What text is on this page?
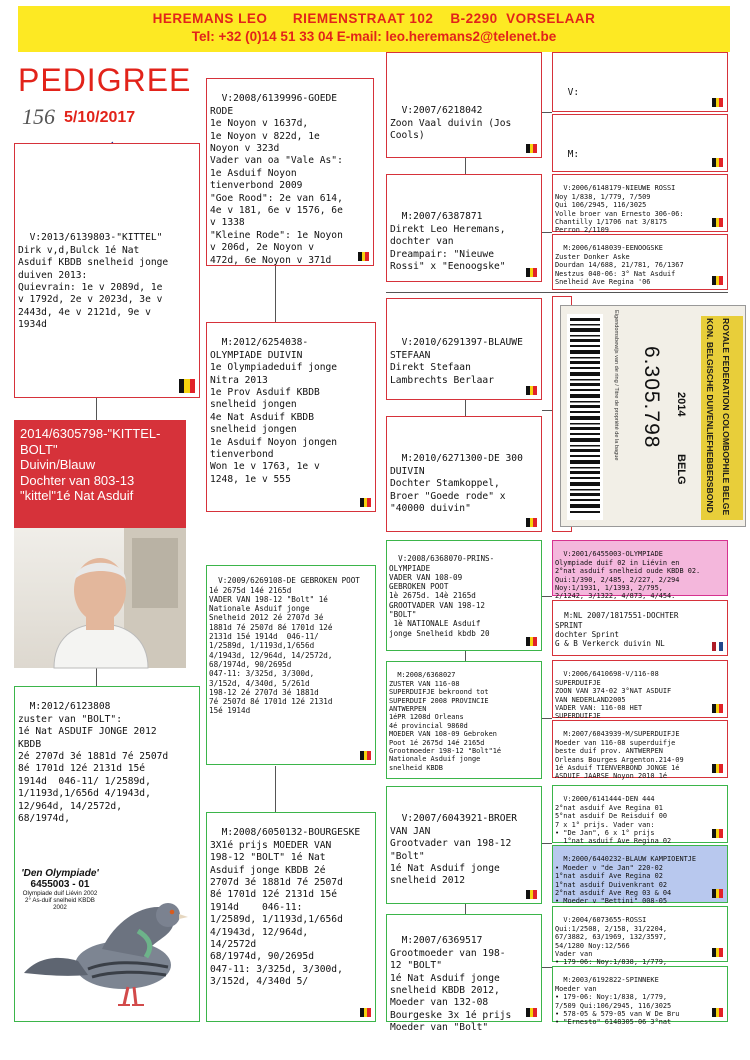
HEREMANS LEO      RIEMENSTRAAT 102    B-2290  VORSELAAR
Tel: +32 (0)14 51 33 04 E-mail: leo.heremans2@telenet.be
PEDIGREE
156 5/10/2017

V:2013/6139803-"KITTEL"
Dirk v,d,Bulck 1é Nat
Asduif KBDB snelheid jonge
duiven 2013:
Quievrain: 1e v 2089d, 1e
v 1792d, 2e v 2023d, 3e v
2443d, 4e v 2121d, 9e v
1934d

2014/6305798-"KITTEL-
BOLT"
Duivin/Blauw
Dochter van 803-13
"kittel"1é Nat Asduif

M:2012/6123808
zuster van "BOLT":
1é Nat ASDUIF JONGE 2012
KBDB
2é 2707d 3é 1881d 7é 2507d
8é 1701d 12é 2131d 15é
1914d  046-11/ 1/2589d,
1/1193d,1/656d 4/1943d,
12/964d, 14/2572d,
68/1974d,

'Den Olympiade'
6455003 - 01
Olympiade duif Liévin 2002
2° As-duif snelheid KBDB 2002

V:2008/6139996-GOEDE
RODE
1e Noyon v 1637d,
1e Noyon v 822d, 1e
Noyon v 323d
Vader van oa "Vale As":
1e Asduif Noyon
tienverbond 2009
"Goe Rood": 2e van 614,
4e v 181, 6e v 1576, 6e
v 1338
"Kleine Rode": 1e Noyon
v 206d, 2e Noyon v
472d, 6e Noyon v 371d

M:2012/6254038-
OLYMPIADE DUIVIN
1e Olympiadeduif jonge
Nitra 2013
1e Prov Asduif KBDB
snelheid jongen
4e Nat Asduif KBDB
snelheid jongen
1e Asduif Noyon jongen
tienverbond
Won 1e v 1763, 1e v
1248, 1e v 555

V:2009/6269108-DE GEBROKEN POOT
1é 2675d 14é 2165d
VADER VAN 198-12 "Bolt" 1é
Nationale Asduif jonge
Snelheid 2012 2é 2707d 3é
1881d 7é 2507d 8é 1701d 12é
2131d 15é 1914d  046-11/
1/2589d, 1/1193d,1/656d
4/1943d, 12/964d, 14/2572d,
68/1974d, 90/2695d
047-11: 3/325d, 3/300d,
3/152d, 4/340d, 5/261d
198-12 2é 2707d 3é 1881d
7é 2507d 8é 1701d 12é 2131d
15é 1914d

M:2008/6050132-BOURGESKE
3X1é prijs MOEDER VAN
198-12 "BOLT" 1é Nat
Asduif jonge KBDB 2é
2707d 3é 1881d 7é 2507d
8é 1701d 12é 2131d 15é
1914d    046-11:
1/2589d, 1/1193d,1/656d
4/1943d, 12/964d,
14/2572d
68/1974d, 90/2695d
047-11: 3/325d, 3/300d,
3/152d, 4/340d 5/

V:2007/6218042
Zoon Vaal duivin (Jos
Cools)

M:2007/6387871
Direkt Leo Heremans,
dochter van
Dreampair: "Nieuwe
Rossi" x "Eenoogske"

V:2010/6291397-BLAUWE
STEFAAN
Direkt Stefaan
Lambrechts Berlaar

M:2010/6271300-DE 300
DUIVIN
Dochter Stamkoppel,
Broer "Goede rode" x
"40000 duivin"

V:2008/6368070-PRINS-
OLYMPIADE
VADER VAN 108-09
GEBROKEN POOT
1è 2675d. 14è 2165d
GROOTVADER VAN 198-12
"BOLT"
1è NATIONALE Asduif
jonge Snelheid kbdb 20

M:2008/6368027
ZUSTER VAN 116-08
SUPERDUIFJE bekroond tot
SUPERDUIF 2008 PROVINCIE
ANTWERPEN
1éPR 1208d Orleans
4é provincial 9860d
MOEDER VAN 108-09 Gebroken
Poot 1é 2675d 14é 2165d
Grootmoeder 198-12 "Bolt"1é
Nationale Asduif jonge
snelheid KBDB

V:2007/6043921-BROER
VAN JAN
Grootvader van 198-12
"Bolt"
1é Nat Asduif jonge
snelheid 2012

M:2007/6369517
Grootmoeder van 198-
12 "BOLT"
1é Nat Asduif jonge
snelheid KBDB 2012,
Moeder van 132-08
Bourgeske 3x 1é prijs
Moeder van "Bolt"

V:

M:

V:2006/6148179-NIEUWE ROSSI
Noy 1/838, 1/779, 7/509
Qui 106/2945, 116/3025
Volle broer van Ernesto 306-06:
Chantilly 1/1706 nat 3/8175
Perron 2/1109

M:2006/6148039-EENOOGSKE
Zuster Donker Aske
Dourdan 14/688, 21/781, 76/1367
Nestzus 040-06: 3° Nat Asduif
Snelheid Ave Regina '06

Eigendomsbewijs van de ring / Titre de propriété de la bague 6.305.798 2014
BELG KON. BELGISCHE DUIVENLIEFHEBBERSBOND ROYALE FEDERATION COLOMBOPHILE BELGE

V:2001/6455003-OLYMPIADE
Olympiade duif 02 in Liévin en
2°nat asduif snelheid oude KBDB 02.
Qui:1/390, 2/485, 2/227, 2/294
Noy:1/1931, 1/1393, 2/795,
2/1242, 3/1322, 4/873, 4/454.

M:NL 2007/1817551-DOCHTER
SPRINT
dochter Sprint
G & B Verkerck duivin NL

V:2006/6410698-V/116-08
SUPERDUIFJE
ZOON VAN 374-02 3°NAT ASDUIF
VAN NEDERLAND2005
VADER VAN: 116-08 HET
SUPERDUIFJE

M:2007/6043939-M/SUPERDUIFJE
Moeder van 116-08 superduifje
beste duif prov. ANTWERPEN
Orleans Bourges Argenton.214-09
1é Asduif TIENVERBOND JONGE 1é
ASDUIF JAARSE Noyon 2010 1é

V:2000/6141444-DEN 444
2°nat asduif Ave Regina 01
5°nat asduif De Reisduif 00
7 x 1° prijs. Vader van:
• "De Jan", 6 x 1° prijs
1°nat asduif Ave Regina 02

M:2000/6440232-BLAUW KAMPIOENTJE
• Moeder v "de Jan" 220-02
1°nat asduif Ave Regina 02
1°nat asduif Duivenkrant 02
2°nat asduif Ave Reg 03 & 04
• Moeder v "Bettini" 008-05

V:2004/6073655-ROSSI
Qui:1/2508, 2/158, 31/2204,
67/3882, 63/1969, 132/3597,
54/1280 Noy:12/566
Vader van
• 179-06: Noy:1/838, 1/779,

M:2003/6192822-SPINNEKE
Moeder van
• 179-06: Noy:1/838, 1/779,
7/509 Qui:106/2945, 116/3025
• 578-05 & 579-05 van W De Bru
• "Ernesto" 6148305-06 3°nat
